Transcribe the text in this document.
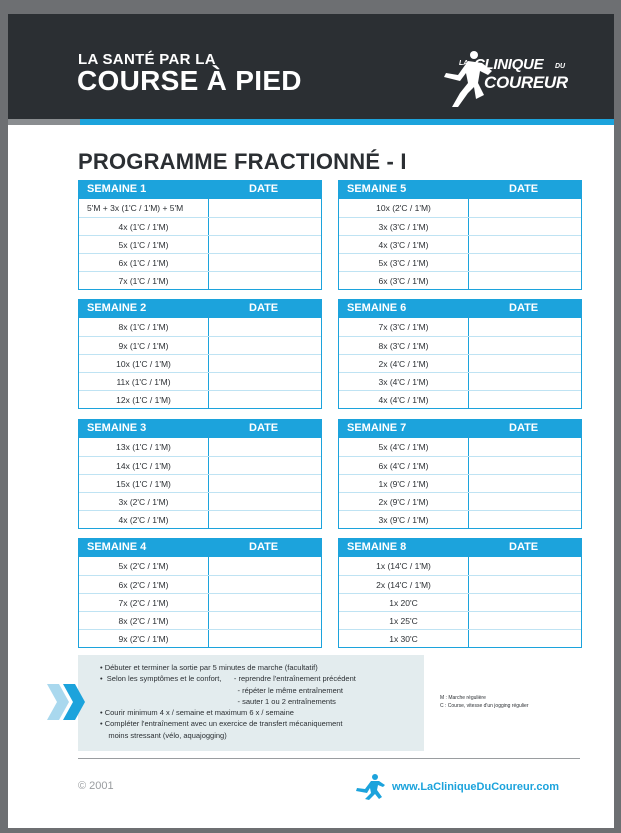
LA SANTÉ PAR LA
COURSE À PIED
LA CLINIQUE DU
COUREUR
PROGRAMME FRACTIONNÉ - I
SEMAINE 1	DATE
5'M + 3x (1'C / 1'M) + 5'M
4x (1'C / 1'M)
5x (1'C / 1'M)
6x (1'C / 1'M)
7x (1'C / 1'M)
SEMAINE 5	DATE
10x (2'C / 1'M)
3x (3'C / 1'M)
4x (3'C / 1'M)
5x (3'C / 1'M)
6x (3'C / 1'M)
SEMAINE 2	DATE
8x (1'C / 1'M)
9x (1'C / 1'M)
10x (1'C / 1'M)
11x (1'C / 1'M)
12x (1'C / 1'M)
SEMAINE 6	DATE
7x (3'C / 1'M)
8x (3'C / 1'M)
2x (4'C / 1'M)
3x (4'C / 1'M)
4x (4'C / 1'M)
SEMAINE 3	DATE
13x (1'C / 1'M)
14x (1'C / 1'M)
15x (1'C / 1'M)
3x (2'C / 1'M)
4x (2'C / 1'M)
SEMAINE 7	DATE
5x (4'C / 1'M)
6x (4'C / 1'M)
1x (9'C / 1'M)
2x (9'C / 1'M)
3x (9'C / 1'M)
SEMAINE 4	DATE
5x (2'C / 1'M)
6x (2'C / 1'M)
7x (2'C / 1'M)
8x (2'C / 1'M)
9x (2'C / 1'M)
SEMAINE 8	DATE
1x (14'C / 1'M)
2x (14'C / 1'M)
1x 20'C
1x 25'C
1x 30'C
• Débuter et terminer la sortie par 5 minutes de marche (facultatif)
•  Selon les symptômes et le confort,      - reprendre l'entraînement précédent
- répéter le même entraînement
- sauter 1 ou 2 entraînements
• Courir minimum 4 x / semaine et maximum 6 x / semaine
• Compléter l'entraînement avec un exercice de transfert mécaniquement
moins stressant (vélo, aquajogging)
M : Marche régulière
C : Course, vitesse d'un jogging régulier
© 2001	www.LaCliniqueDuCoureur.com
